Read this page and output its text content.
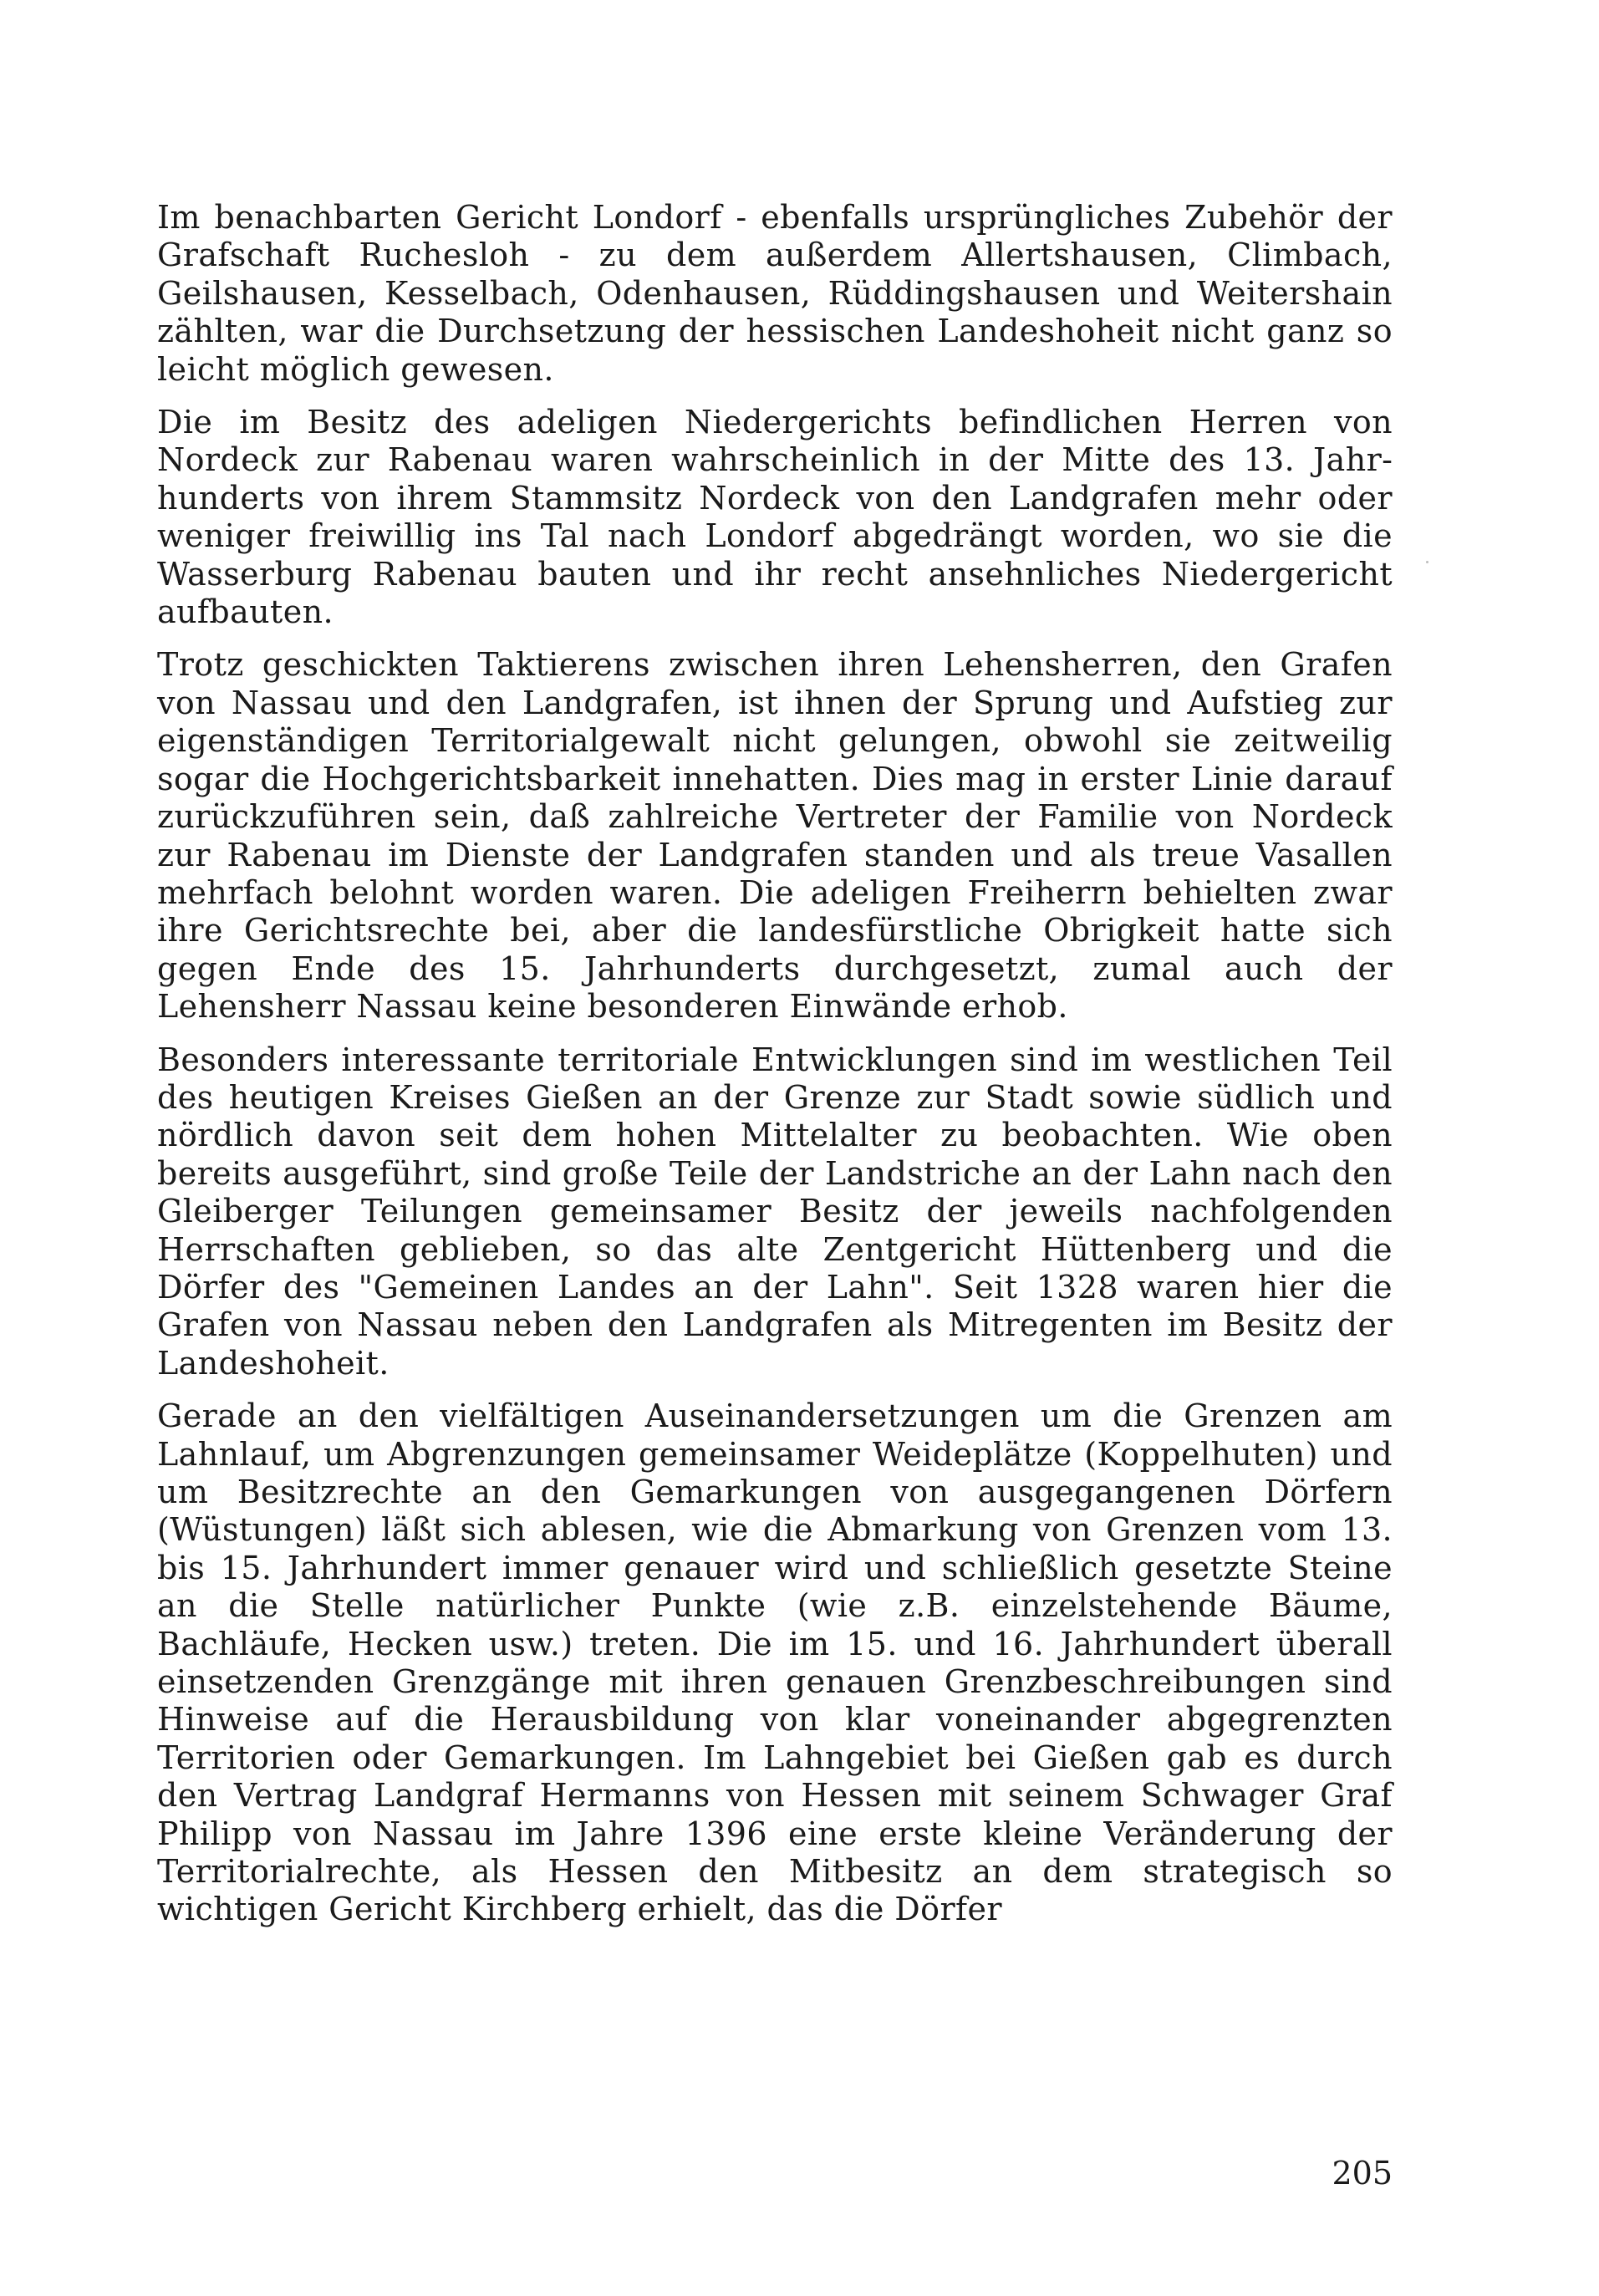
Im benachbarten Gericht Londorf - ebenfalls ursprüngliches Zubehör der Grafschaft Ruchesloh - zu dem außerdem Allertshausen, Climbach, Geilshausen, Kesselbach, Odenhausen, Rüddingshausen und Weitershain zählten, war die Durchsetzung der hessischen Landeshoheit nicht ganz so leicht möglich gewesen.

Die im Besitz des adeligen Niedergerichts befindlichen Herren von Nordeck zur Rabenau waren wahrscheinlich in der Mitte des 13. Jahrhunderts von ihrem Stammsitz Nordeck von den Landgrafen mehr oder weniger freiwillig ins Tal nach Londorf abgedrängt worden, wo sie die Wasserburg Rabenau bauten und ihr recht ansehnliches Niedergericht aufbauten.

Trotz geschickten Taktierens zwischen ihren Lehensherren, den Grafen von Nassau und den Landgrafen, ist ihnen der Sprung und Aufstieg zur eigenständigen Territorialgewalt nicht gelungen, obwohl sie zeitweilig sogar die Hochgerichtsbarkeit innehatten. Dies mag in erster Linie darauf zurückzuführen sein, daß zahlreiche Vertreter der Familie von Nordeck zur Rabenau im Dienste der Landgrafen standen und als treue Vasallen mehrfach belohnt worden waren. Die adeligen Freiherrn behielten zwar ihre Gerichtsrechte bei, aber die landesfürstliche Obrigkeit hatte sich gegen Ende des 15. Jahrhunderts durchgesetzt, zumal auch der Lehensherr Nassau keine besonderen Einwände erhob.

Besonders interessante territoriale Entwicklungen sind im westlichen Teil des heutigen Kreises Gießen an der Grenze zur Stadt sowie südlich und nördlich davon seit dem hohen Mittelalter zu beobachten. Wie oben bereits ausgeführt, sind große Teile der Landstriche an der Lahn nach den Gleiberger Teilungen gemeinsamer Besitz der jeweils nachfolgenden Herrschaften geblieben, so das alte Zentgericht Hüttenberg und die Dörfer des "Gemeinen Landes an der Lahn". Seit 1328 waren hier die Grafen von Nassau neben den Landgrafen als Mitregenten im Besitz der Landeshoheit.

Gerade an den vielfältigen Auseinandersetzungen um die Grenzen am Lahnlauf, um Abgrenzungen gemeinsamer Weideplätze (Koppelhuten) und um Besitzrechte an den Gemarkungen von ausgegangenen Dörfern (Wüstungen) läßt sich ablesen, wie die Abmarkung von Grenzen vom 13. bis 15. Jahrhundert immer genauer wird und schließlich gesetzte Steine an die Stelle natürlicher Punkte (wie z.B. einzelstehende Bäume, Bachläufe, Hecken usw.) treten. Die im 15. und 16. Jahrhundert überall einsetzenden Grenzgänge mit ihren genauen Grenzbeschreibungen sind Hinweise auf die Herausbildung von klar voneinander abgegrenzten Territorien oder Gemarkungen. Im Lahngebiet bei Gießen gab es durch den Vertrag Landgraf Hermanns von Hessen mit seinem Schwager Graf Philipp von Nassau im Jahre 1396 eine erste kleine Veränderung der Territorialrechte, als Hessen den Mitbesitz an dem strategisch so wichtigen Gericht Kirchberg erhielt, das die Dörfer

205
